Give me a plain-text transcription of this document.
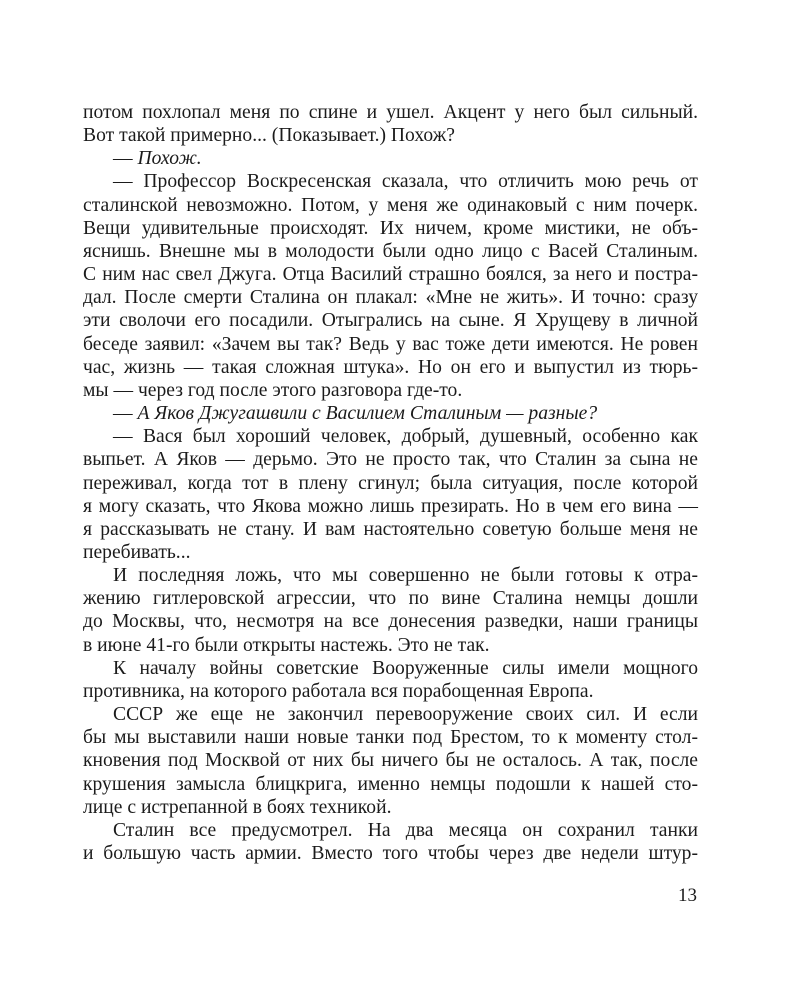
потом похлопал меня по спине и ушел. Акцент у него был сильный.
Вот такой примерно... (Показывает.) Похож?
— Похож.
— Профессор Воскресенская сказала, что отличить мою речь от
сталинской невозможно. Потом, у меня же одинаковый с ним почерк.
Вещи удивительные происходят. Их ничем, кроме мистики, не объ-
яснишь. Внешне мы в молодости были одно лицо с Васей Сталиным.
С ним нас свел Джуга. Отца Василий страшно боялся, за него и постра-
дал. После смерти Сталина он плакал: «Мне не жить». И точно: сразу
эти сволочи его посадили. Отыгрались на сыне. Я Хрущеву в личной
беседе заявил: «Зачем вы так? Ведь у вас тоже дети имеются. Не ровен
час, жизнь — такая сложная штука». Но он его и выпустил из тюрь-
мы — через год после этого разговора где-то.
— А Яков Джугашвили с Василием Сталиным — разные?
— Вася был хороший человек, добрый, душевный, особенно как
выпьет. А Яков — дерьмо. Это не просто так, что Сталин за сына не
переживал, когда тот в плену сгинул; была ситуация, после которой
я могу сказать, что Якова можно лишь презирать. Но в чем его вина —
я рассказывать не стану. И вам настоятельно советую больше меня не
перебивать...
И последняя ложь, что мы совершенно не были готовы к отра-
жению гитлеровской агрессии, что по вине Сталина немцы дошли
до Москвы, что, несмотря на все донесения разведки, наши границы
в июне 41-го были открыты настежь. Это не так.
К началу войны советские Вооруженные силы имели мощного
противника, на которого работала вся порабощенная Европа.
СССР же еще не закончил перевооружение своих сил. И если
бы мы выставили наши новые танки под Брестом, то к моменту стол-
кновения под Москвой от них бы ничего бы не осталось. А так, после
крушения замысла блицкрига, именно немцы подошли к нашей сто-
лице с истрепанной в боях техникой.
Сталин все предусмотрел. На два месяца он сохранил танки
и большую часть армии. Вместо того чтобы через две недели штур-
13
